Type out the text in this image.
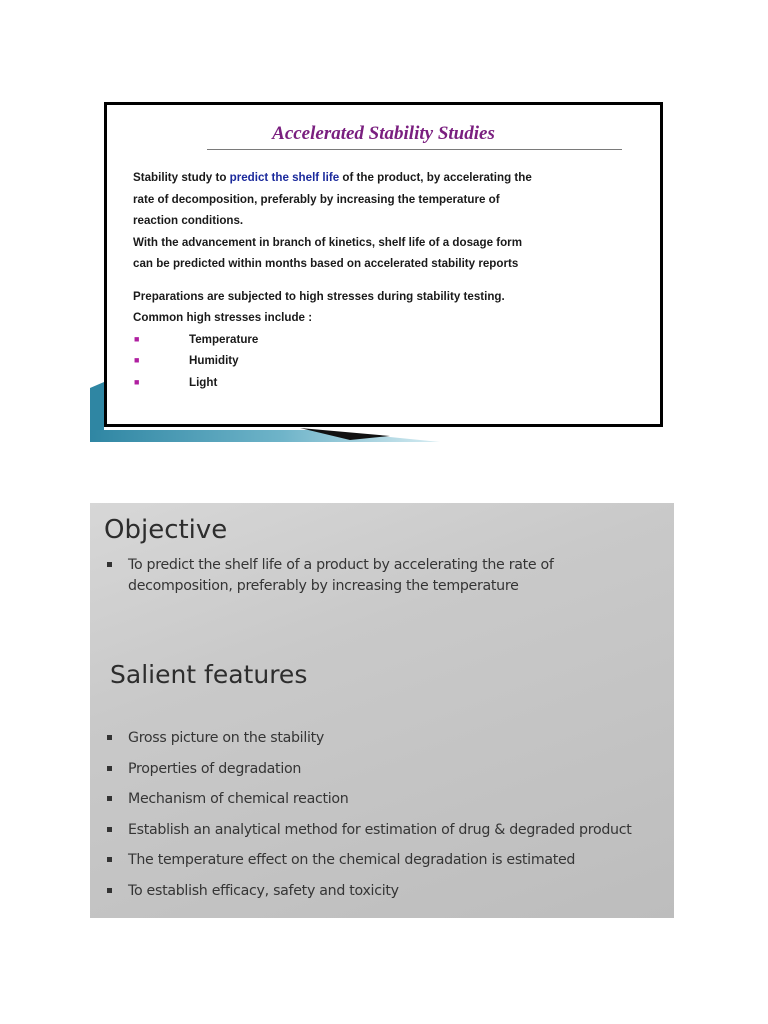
Accelerated Stability Studies
Stability study to predict the shelf life of the product, by accelerating the
rate of decomposition, preferably by increasing the temperature of
reaction conditions.
With the advancement in branch of kinetics, shelf life of a dosage form
can be predicted within months based on accelerated stability reports
Preparations are subjected to high stresses during stability testing.
Common high stresses include :
■	Temperature
■	Humidity
■	Light
Objective
To predict the shelf life of a product by accelerating the rate of
decomposition, preferably by increasing the temperature
Salient features
Gross picture on the stability
Properties of degradation
Mechanism of chemical reaction
Establish an analytical method for estimation of drug & degraded product
The temperature effect on the chemical degradation is estimated
To establish efficacy, safety and toxicity
